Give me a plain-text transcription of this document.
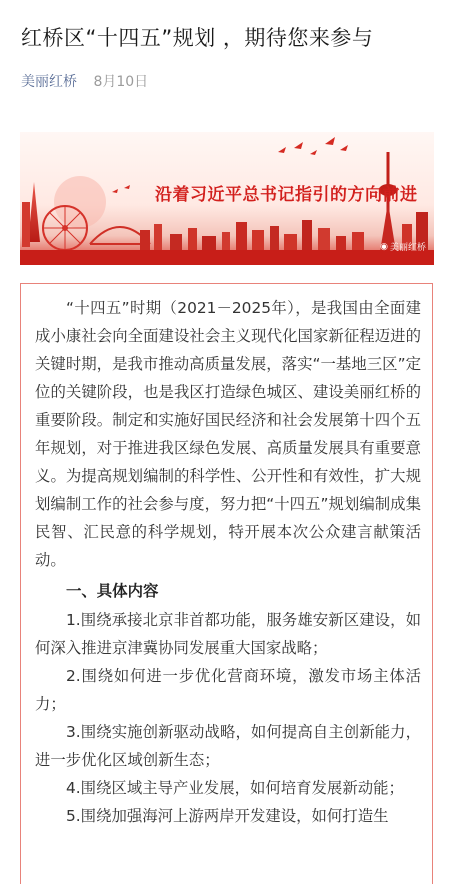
红桥区“十四五”规划 ，期待您来参与
美丽红桥 8月10日
沿着习近平总书记指引的方向前进
◉ 美丽红桥

“十四五”时期（2021－2025年），是我国由全面建成小康社会向全面建设社会主义现代化国家新征程迈进的关键时期，是我市推动高质量发展，落实“一基地三区”定位的关键阶段，也是我区打造绿色城区、建设美丽红桥的重要阶段。制定和实施好国民经济和社会发展第十四个五年规划，对于推进我区绿色发展、高质量发展具有重要意义。为提高规划编制的科学性、公开性和有效性，扩大规划编制工作的社会参与度，努力把“十四五”规划编制成集民智、汇民意的科学规划，特开展本次公众建言献策活动。

一、具体内容
1.围绕承接北京非首都功能，服务雄安新区建设，如何深入推进京津冀协同发展重大国家战略；
2.围绕如何进一步优化营商环境，激发市场主体活力；
3.围绕实施创新驱动战略，如何提高自主创新能力，进一步优化区域创新生态；
4.围绕区域主导产业发展，如何培育发展新动能；
5.围绕加强海河上游两岸开发建设，如何打造生
